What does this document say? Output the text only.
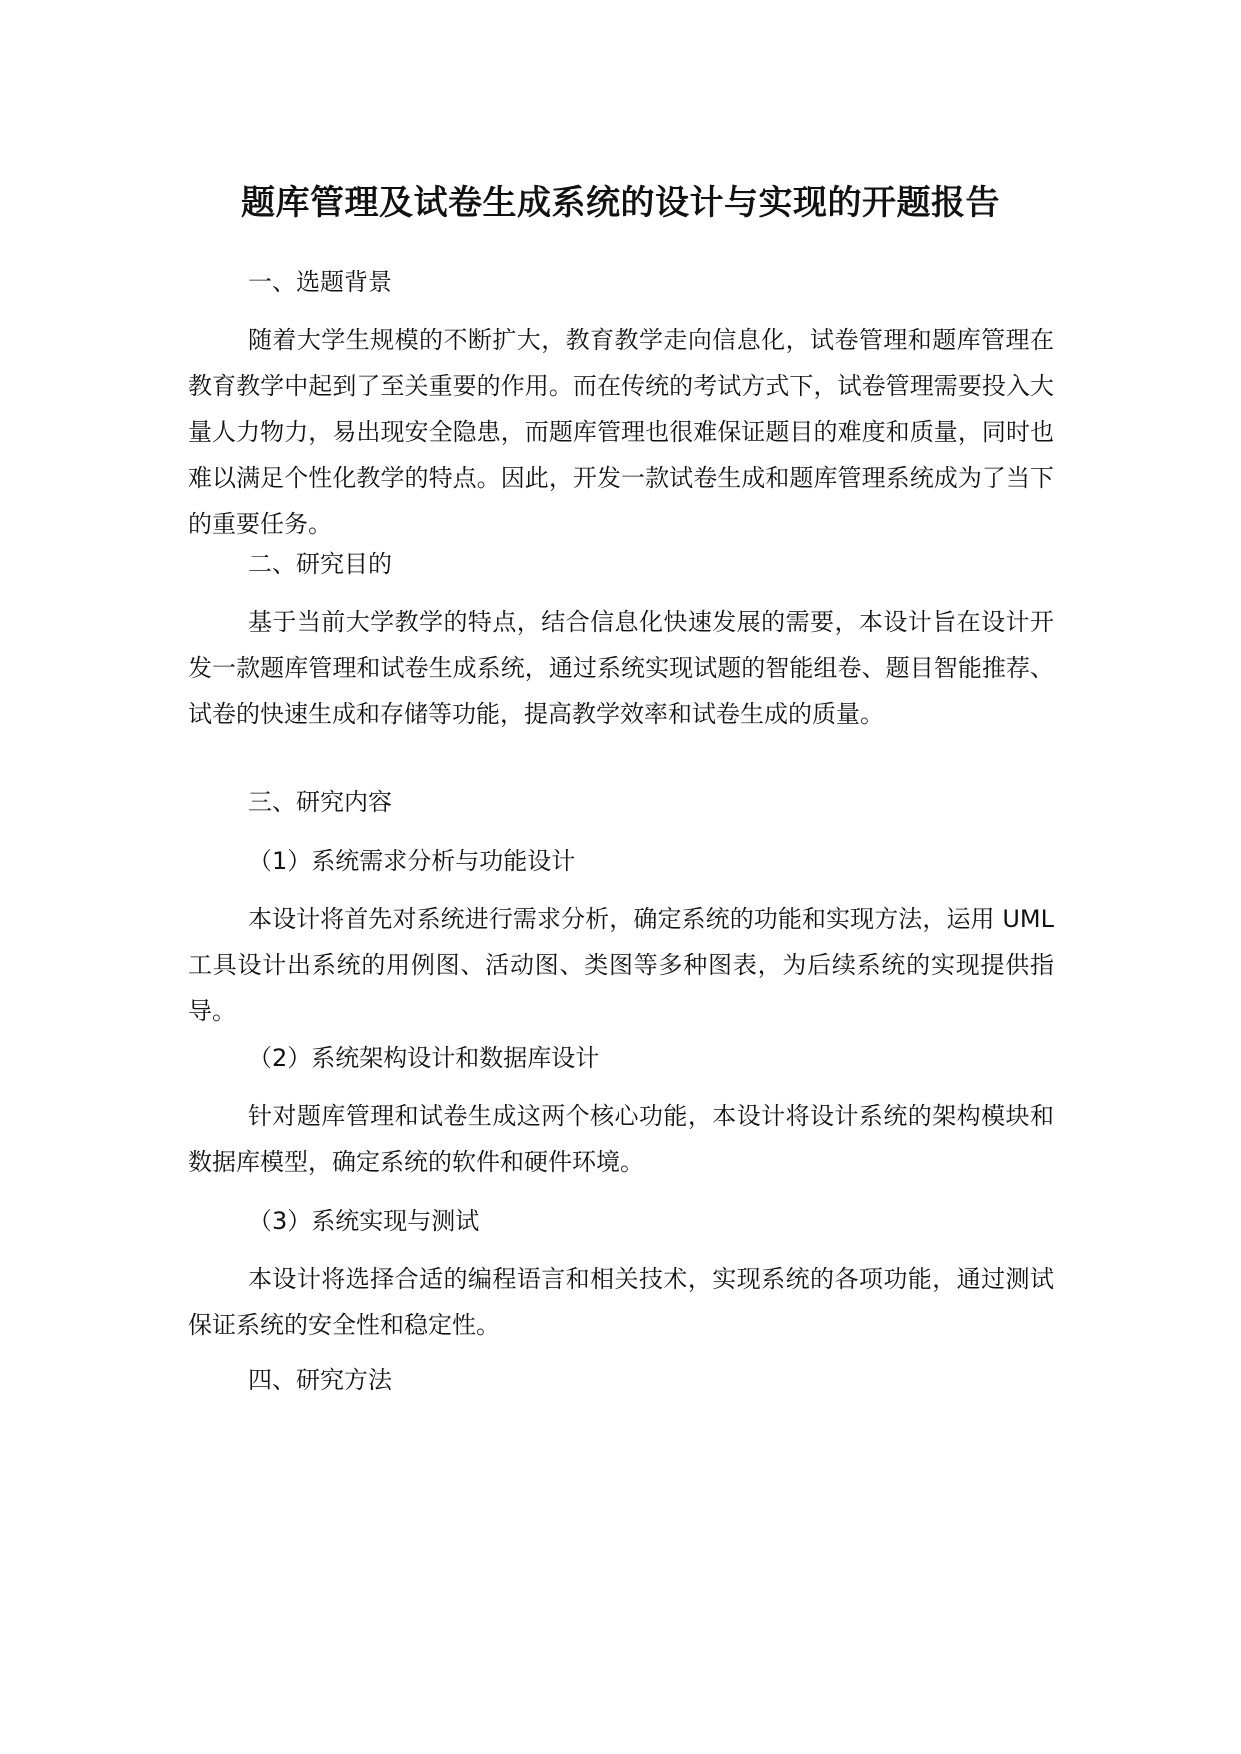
题库管理及试卷生成系统的设计与实现的开题报告

一、选题背景

随着大学生规模的不断扩大，教育教学走向信息化，试卷管理和题库管理在教育教学中起到了至关重要的作用。而在传统的考试方式下，试卷管理需要投入大量人力物力，易出现安全隐患，而题库管理也很难保证题目的难度和质量，同时也难以满足个性化教学的特点。因此，开发一款试卷生成和题库管理系统成为了当下的重要任务。

二、研究目的

基于当前大学教学的特点，结合信息化快速发展的需要，本设计旨在设计开发一款题库管理和试卷生成系统，通过系统实现试题的智能组卷、题目智能推荐、试卷的快速生成和存储等功能，提高教学效率和试卷生成的质量。

三、研究内容

（1）系统需求分析与功能设计

本设计将首先对系统进行需求分析，确定系统的功能和实现方法，运用 UML 工具设计出系统的用例图、活动图、类图等多种图表，为后续系统的实现提供指导。

（2）系统架构设计和数据库设计

针对题库管理和试卷生成这两个核心功能，本设计将设计系统的架构模块和数据库模型，确定系统的软件和硬件环境。

（3）系统实现与测试

本设计将选择合适的编程语言和相关技术，实现系统的各项功能，通过测试保证系统的安全性和稳定性。

四、研究方法
